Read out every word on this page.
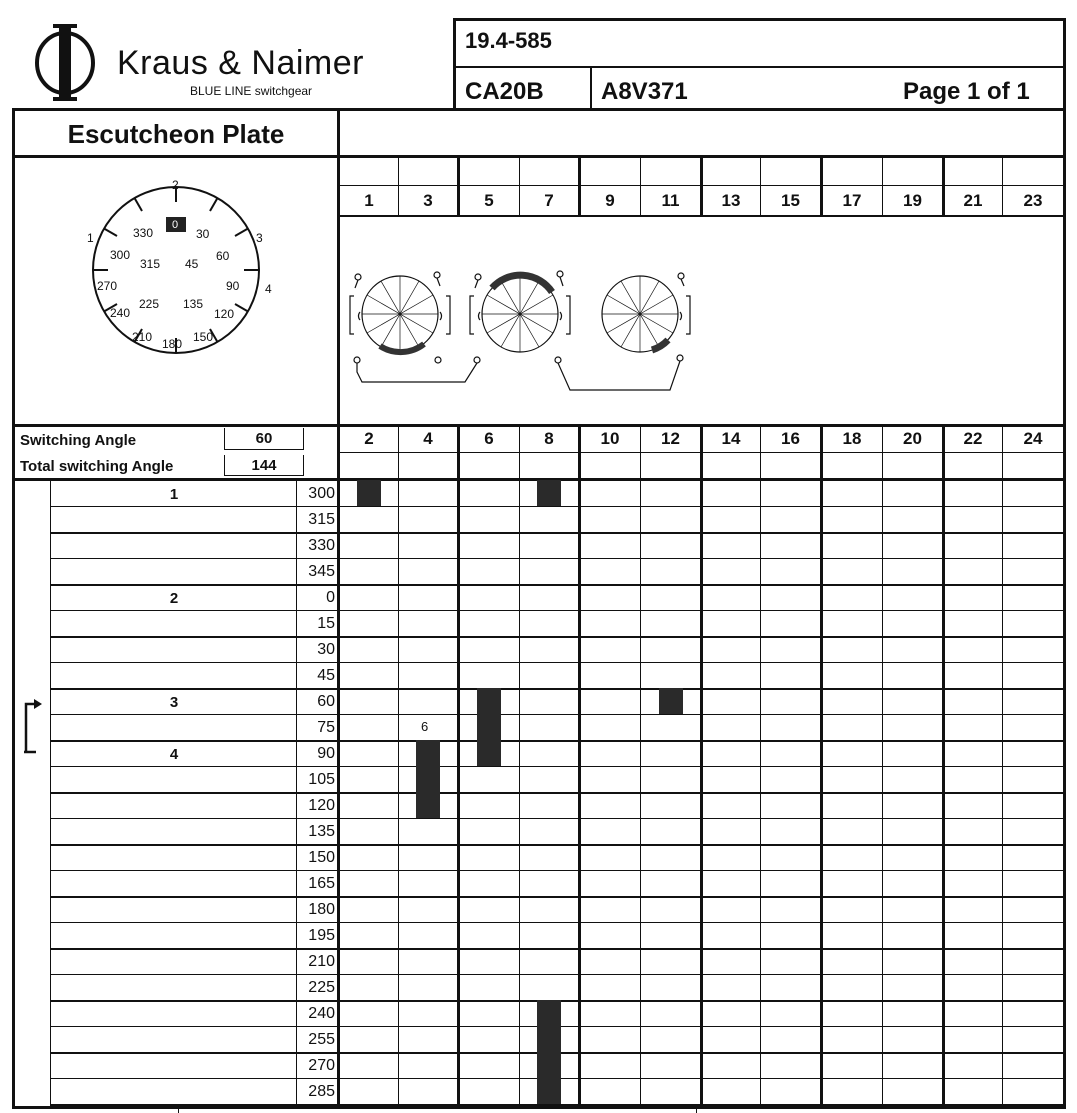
Kraus & Naimer
BLUE LINE switchgear
19.4-585
CA20B A8V371	Page 1 of 1
Escutcheon Plate
2
1	3
4
0
30
60
90
120
150
180
210
240
270
300
330
45
135
225
315
1	3	5	7	9	11	13	15	17	19	21	23
2	4	6	8	10	12	14	16	18	20	22	24
Switching Angle	60
Total switching Angle	144
1	300
315
330
345
2	0
15
30
45
3	60
75
4	90
105
120
135
150
165
180
195
210
225
240
255
270
285
6
